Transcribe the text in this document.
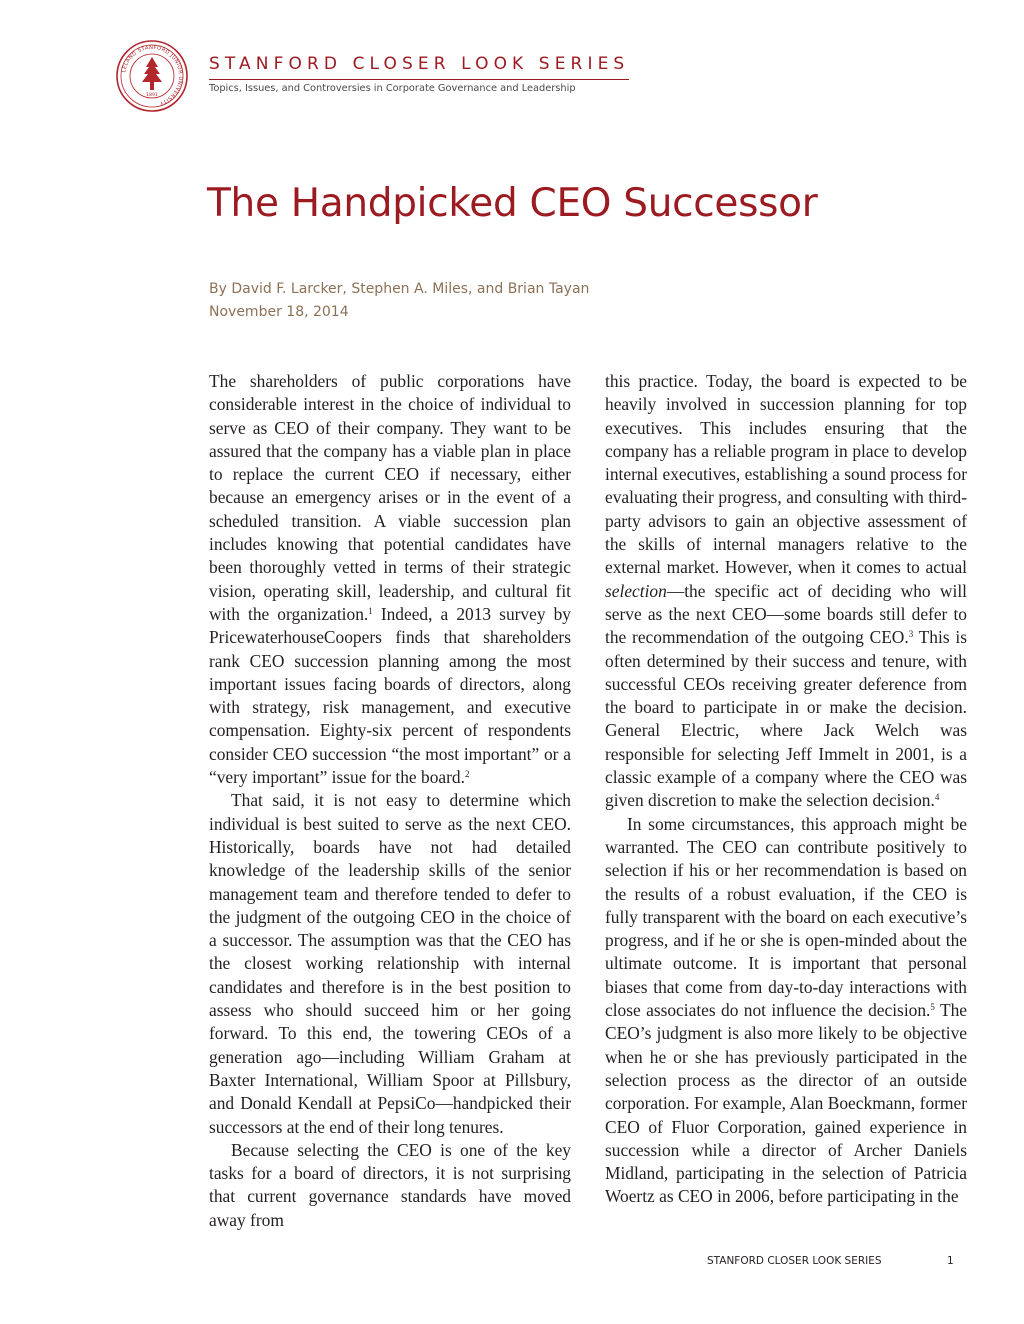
LELAND STANFORD JUNIOR UNIVERSITY
1891
STANFORD CLOSER LOOK SERIES
Topics, Issues, and Controversies in Corporate Governance and Leadership
The Handpicked CEO Successor
By David F. Larcker, Stephen A. Miles, and Brian Tayan
November 18, 2014

The shareholders of public corporations have considerable interest in the choice of individual to serve as CEO of their company. They want to be assured that the company has a viable plan in place to replace the current CEO if necessary, either because an emergency arises or in the event of a scheduled transition. A viable succession plan includes knowing that potential candidates have been thoroughly vetted in terms of their strategic vision, operating skill, leadership, and cultural fit with the organization.$^1$ Indeed, a 2013 survey by PricewaterhouseCoopers finds that shareholders rank CEO succession planning among the most important issues facing boards of directors, along with strategy, risk management, and executive compensation. Eighty-six percent of respondents consider CEO succession “the most important” or a “very important” issue for the board.$^2$

That said, it is not easy to determine which individual is best suited to serve as the next CEO. Historically, boards have not had detailed knowledge of the leadership skills of the senior management team and therefore tended to defer to the judgment of the outgoing CEO in the choice of a successor. The assumption was that the CEO has the closest working relationship with internal candidates and therefore is in the best position to assess who should succeed him or her going forward. To this end, the towering CEOs of a generation ago—including William Graham at Baxter International, William Spoor at Pillsbury, and Donald Kendall at PepsiCo—handpicked their successors at the end of their long tenures.

Because selecting the CEO is one of the key tasks for a board of directors, it is not surprising that current governance standards have moved away from

this practice. Today, the board is expected to be heavily involved in succession planning for top executives. This includes ensuring that the company has a reliable program in place to develop internal executives, establishing a sound process for evaluating their progress, and consulting with third-party advisors to gain an objective assessment of the skills of internal managers relative to the external market. However, when it comes to actual selection—the specific act of deciding who will serve as the next CEO—some boards still defer to the recommendation of the outgoing CEO.$^3$ This is often determined by their success and tenure, with successful CEOs receiving greater deference from the board to participate in or make the decision. General Electric, where Jack Welch was responsible for selecting Jeff Immelt in 2001, is a classic example of a company where the CEO was given discretion to make the selection decision.$^4$

In some circumstances, this approach might be warranted. The CEO can contribute positively to selection if his or her recommendation is based on the results of a robust evaluation, if the CEO is fully transparent with the board on each executive’s progress, and if he or she is open-minded about the ultimate outcome. It is important that personal biases that come from day-to-day interactions with close associates do not influence the decision.$^5$ The CEO’s judgment is also more likely to be objective when he or she has previously participated in the selection process as the director of an outside corporation. For example, Alan Boeckmann, former CEO of Fluor Corporation, gained experience in succession while a director of Archer Daniels Midland, participating in the selection of Patricia Woertz as CEO in 2006, before participating in the

STANFORD CLOSER LOOK SERIES	1
